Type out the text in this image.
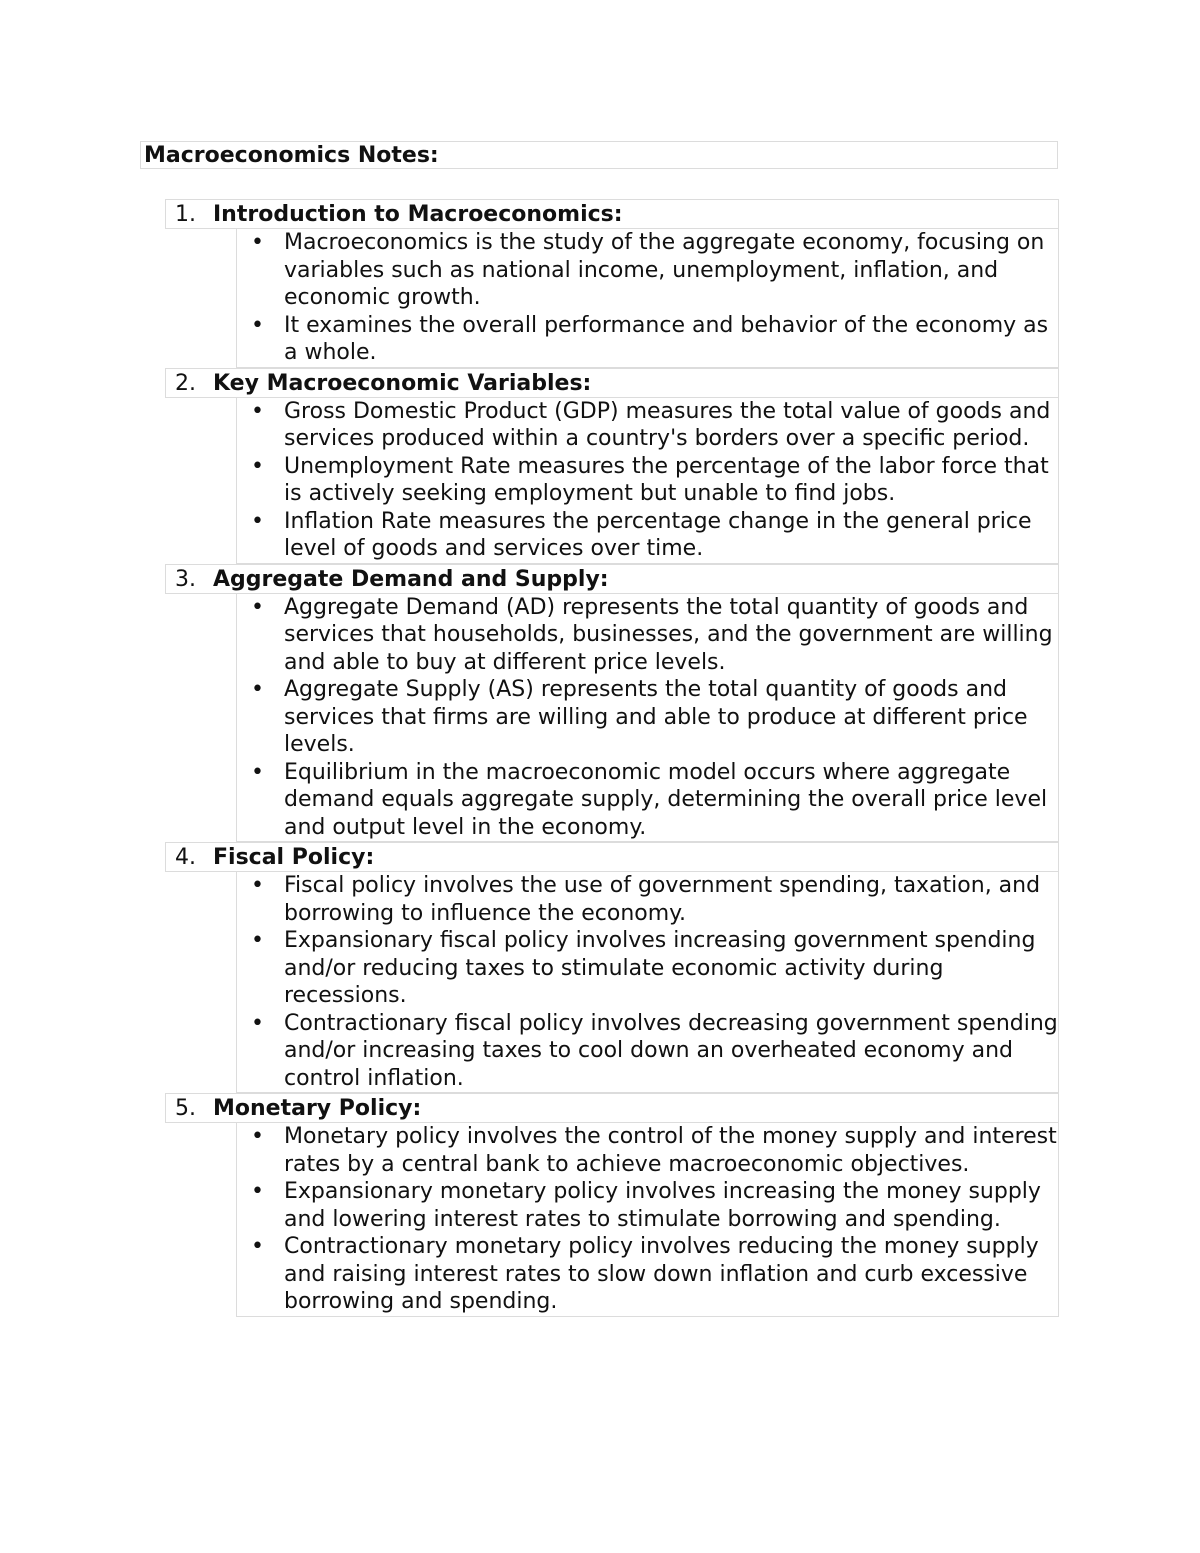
Macroeconomics Notes:
1. Introduction to Macroeconomics:
• Macroeconomics is the study of the aggregate economy, focusing on variables such as national income, unemployment, inflation, and economic growth.
• It examines the overall performance and behavior of the economy as a whole.
2. Key Macroeconomic Variables:
• Gross Domestic Product (GDP) measures the total value of goods and services produced within a country's borders over a specific period.
• Unemployment Rate measures the percentage of the labor force that is actively seeking employment but unable to find jobs.
• Inflation Rate measures the percentage change in the general price level of goods and services over time.
3. Aggregate Demand and Supply:
• Aggregate Demand (AD) represents the total quantity of goods and services that households, businesses, and the government are willing and able to buy at different price levels.
• Aggregate Supply (AS) represents the total quantity of goods and services that firms are willing and able to produce at different price levels.
• Equilibrium in the macroeconomic model occurs where aggregate demand equals aggregate supply, determining the overall price level and output level in the economy.
4. Fiscal Policy:
• Fiscal policy involves the use of government spending, taxation, and borrowing to influence the economy.
• Expansionary fiscal policy involves increasing government spending and/or reducing taxes to stimulate economic activity during recessions.
• Contractionary fiscal policy involves decreasing government spending and/or increasing taxes to cool down an overheated economy and control inflation.
5. Monetary Policy:
• Monetary policy involves the control of the money supply and interest rates by a central bank to achieve macroeconomic objectives.
• Expansionary monetary policy involves increasing the money supply and lowering interest rates to stimulate borrowing and spending.
• Contractionary monetary policy involves reducing the money supply and raising interest rates to slow down inflation and curb excessive borrowing and spending.
